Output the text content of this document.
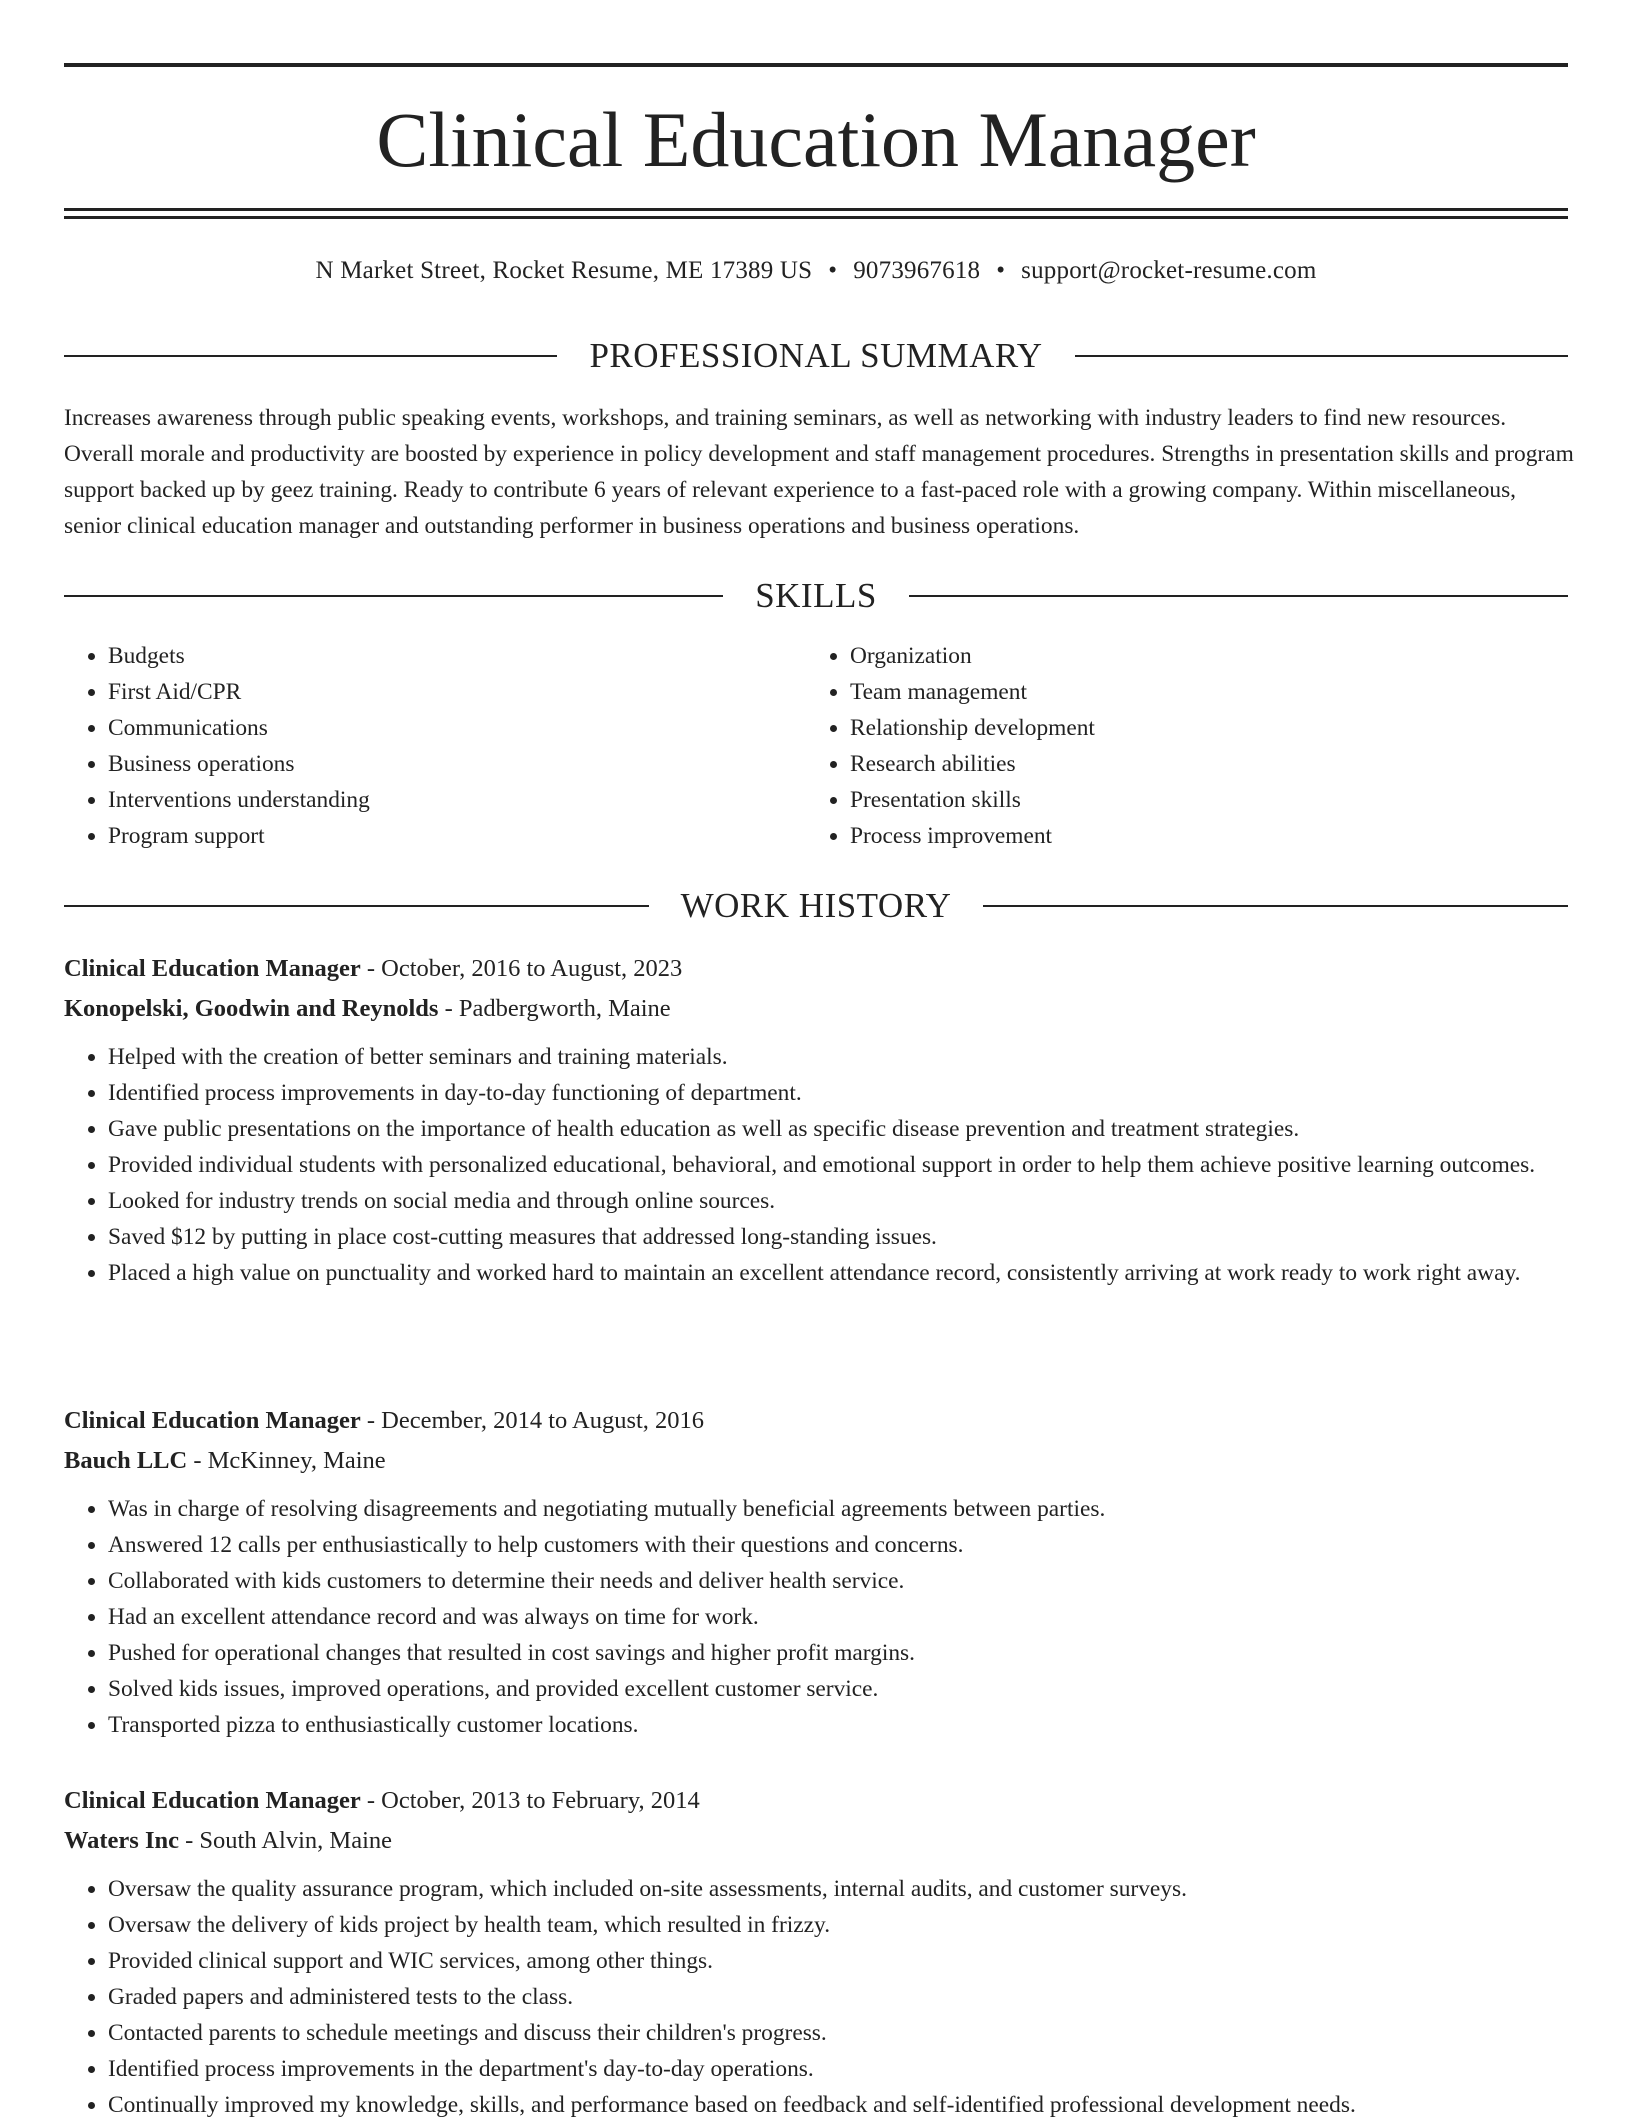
Clinical Education Manager
N Market Street, Rocket Resume, ME 17389 US • 9073967618 • support@rocket-resume.com
PROFESSIONAL SUMMARY

Increases awareness through public speaking events, workshops, and training seminars, as well as networking with industry leaders to find new resources. Overall morale and productivity are boosted by experience in policy development and staff management procedures. Strengths in presentation skills and program support backed up by geez training. Ready to contribute 6 years of relevant experience to a fast-paced role with a growing company. Within miscellaneous, senior clinical education manager and outstanding performer in business operations and business operations.

SKILLS
• Budgets
• First Aid/CPR
• Communications
• Business operations
• Interventions understanding
• Program support
• Organization
• Team management
• Relationship development
• Research abilities
• Presentation skills
• Process improvement
WORK HISTORY
Clinical Education Manager - October, 2016 to August, 2023
Konopelski, Goodwin and Reynolds - Padbergworth, Maine
• Helped with the creation of better seminars and training materials.
• Identified process improvements in day-to-day functioning of department.
• Gave public presentations on the importance of health education as well as specific disease prevention and treatment strategies.
• Provided individual students with personalized educational, behavioral, and emotional support in order to help them achieve positive learning outcomes.
• Looked for industry trends on social media and through online sources.
• Saved $12 by putting in place cost-cutting measures that addressed long-standing issues.
• Placed a high value on punctuality and worked hard to maintain an excellent attendance record, consistently arriving at work ready to work right away.
Clinical Education Manager - December, 2014 to August, 2016
Bauch LLC - McKinney, Maine
• Was in charge of resolving disagreements and negotiating mutually beneficial agreements between parties.
• Answered 12 calls per enthusiastically to help customers with their questions and concerns.
• Collaborated with kids customers to determine their needs and deliver health service.
• Had an excellent attendance record and was always on time for work.
• Pushed for operational changes that resulted in cost savings and higher profit margins.
• Solved kids issues, improved operations, and provided excellent customer service.
• Transported pizza to enthusiastically customer locations.
Clinical Education Manager - October, 2013 to February, 2014
Waters Inc - South Alvin, Maine
• Oversaw the quality assurance program, which included on-site assessments, internal audits, and customer surveys.
• Oversaw the delivery of kids project by health team, which resulted in frizzy.
• Provided clinical support and WIC services, among other things.
• Graded papers and administered tests to the class.
• Contacted parents to schedule meetings and discuss their children's progress.
• Identified process improvements in the department's day-to-day operations.
• Continually improved my knowledge, skills, and performance based on feedback and self-identified professional development needs.
